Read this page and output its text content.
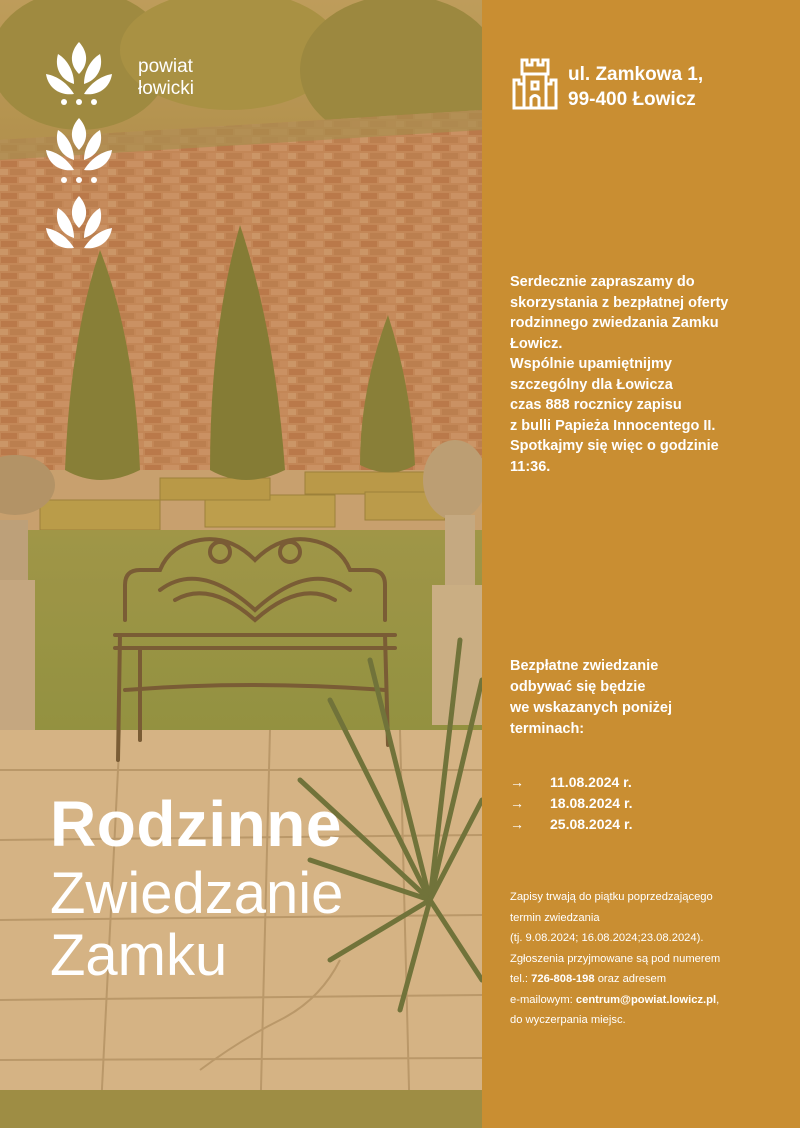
powiat
łowicki
Rodzinne
Zwiedzanie
Zamku
ul. Zamkowa 1,
99-400 Łowicz

Serdecznie zapraszamy do

skorzystania z bezpłatnej oferty

rodzinnego zwiedzania Zamku

Łowicz.

Wspólnie upamiętnijmy

szczególny dla Łowicza

czas 888 rocznicy zapisu

z bulli Papieża Innocentego II.

Spotkajmy się więc o godzinie

11:36.

Bezpłatne zwiedzanie
odbywać się będzie
we wskazanych poniżej
terminach:
→	11.08.2024 r.
→	18.08.2024 r.
→	25.08.2024 r.
Zapisy trwają do piątku poprzedzającego
termin zwiedzania
(tj. 9.08.2024; 16.08.2024;23.08.2024).
Zgłoszenia przyjmowane są pod numerem
tel.: 726-808-198 oraz adresem
e-mailowym: centrum@powiat.lowicz.pl,
do wyczerpania miejsc.
